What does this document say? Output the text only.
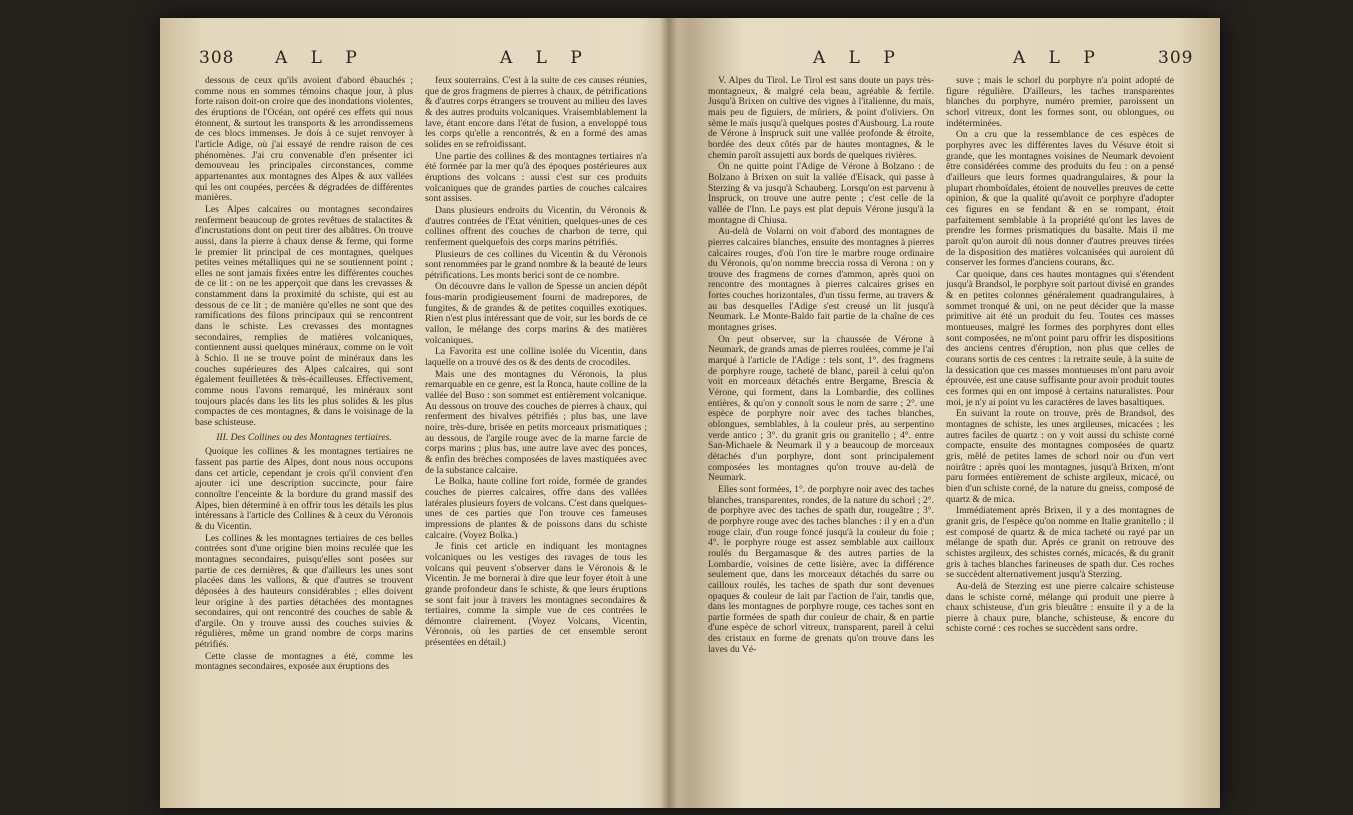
308 A L P	A L P

dessous de ceux qu'ils avoient d'abord ébauchés ; comme nous en sommes témoins chaque jour, à plus forte raison doit-on croire que des inondations violentes, des éruptions de l'Océan, ont opéré ces effets qui nous étonnent, & surtout les transports & les arrondissemens de ces blocs immenses. Je dois à ce sujet renvoyer à l'article Adige, où j'ai essayé de rendre raison de ces phénomènes. J'ai cru convenable d'en présenter ici demouveau les principales circonstances, comme appartenantes aux montagnes des Alpes & aux vallées qui les ont coupées, percées & dégradées de différentes manières.

Les Alpes calcaires ou montagnes secondaires renferment beaucoup de grotes revêtues de stalactites & d'incrustations dont on peut tirer des albâtres. On trouve aussi, dans la pierre à chaux dense & ferme, qui forme le premier lit principal de ces montagnes, quelques petites veines métalliques qui ne se soutiennent point ; elles ne sont jamais fixées entre les différentes couches de ce lit : on ne les apperçoit que dans les crevasses & constamment dans la proximité du schiste, qui est au dessous de ce lit ; de manière qu'elles ne sont que des ramifications des filons principaux qui se rencontrent dans le schiste. Les crevasses des montagnes secondaires, remplies de matières volcaniques, contiennent aussi quelques minéraux, comme on le voit à Schio. Il ne se trouve point de minéraux dans les couches supérieures des Alpes calcaires, qui sont également feuilletées & très-écailleuses. Effectivement, comme nous l'avons remarqué, les minéraux sont toujours placés dans les lits les plus solides & les plus compactes de ces montagnes, & dans le voisinage de la base schisteuse.

III. Des Collines ou des Montagnes tertiaires.

Quoique les collines & les montagnes tertiaires ne fassent pas partie des Alpes, dont nous nous occupons dans cet article, cependant je crois qu'il convient d'en ajouter ici une description succincte, pour faire connoître l'enceinte & la bordure du grand massif des Alpes, bien déterminé à en offrir tous les détails les plus intéressans à l'article des Collines & à ceux du Véronois & du Vicentin.

Les collines & les montagnes tertiaires de ces belles contrées sont d'une origine bien moins reculée que les montagnes secondaires, puisqu'elles sont posées sur partie de ces dernières, & que d'ailleurs les unes sont placées dans les vallons, & que d'autres se trouvent déposées à des hauteurs considérables ; elles doivent leur origine à des parties détachées des montagnes secondaires, qui ont rencontré des couches de sable & d'argile. On y trouve aussi des couches suivies & régulières, même un grand nombre de corps marins pétrifiés.

Cette classe de montagnes a été, comme les montagnes secondaires, exposée aux éruptions des

feux souterrains. C'est à la suite de ces causes réunies, que de gros fragmens de pierres à chaux, de pétrifications & d'autres corps étrangers se trouvent au milieu des laves & des autres produits volcaniques. Vraisemblablement la lave, étant encore dans l'état de fusion, a enveloppé tous les corps qu'elle a rencontrés, & en a formé des amas solides en se refroidissant.

Une partie des collines & des montagnes tertiaires n'a été formée par la mer qu'à des époques postérieures aux éruptions des volcans : aussi c'est sur ces produits volcaniques que de grandes parties de couches calcaires sont assises.

Dans plusieurs endroits du Vicentin, du Véronois & d'autres contrées de l'Etat vénitien, quelques-unes de ces collines offrent des couches de charbon de terre, qui renferment quelquefois des corps marins pétrifiés.

Plusieurs de ces collines du Vicentin & du Véronois sont renommées par le grand nombre & la beauté de leurs pétrifications. Les monts berici sont de ce nombre.

On découvre dans le vallon de Spesse un ancien dépôt fous-marin prodigieusement fourni de madrepores, de fungites, & de grandes & de petites coquilles exotiques. Rien n'est plus intéressant que de voir, sur les bords de ce vallon, le mélange des corps marins & des matières volcaniques.

La Favorita est une colline isolée du Vicentin, dans laquelle on a trouvé des os & des dents de crocodiles.

Mais une des montagnes du Véronois, la plus remarquable en ce genre, est la Ronca, haute colline de la vallée del Buso : son sommet est entièrement volcanique. Au dessous on trouve des couches de pierres à chaux, qui renferment des bivalves pétrifiés ; plus bas, une lave noire, très-dure, brisée en petits morceaux prismatiques ; au dessous, de l'argile rouge avec de la marne farcie de corps marins ; plus bas, une autre lave avec des ponces, & enfin des brèches composées de laves mastiquées avec de la substance calcaire.

Le Bolka, haute colline fort roide, formée de grandes couches de pierres calcaires, offre dans des vallées latérales plusieurs foyers de volcans. C'est dans quelques-unes de ces parties que l'on trouve ces fameuses impressions de plantes & de poissons dans du schiste calcaire. (Voyez Bolka.)

Je finis cet article en indiquant les montagnes volcaniques ou les vestiges des ravages de tous les volcans qui peuvent s'observer dans le Véronois & le Vicentin. Je me bornerai à dire que leur foyer étoit à une grande profondeur dans le schiste, & que leurs éruptions se sont fait jour à travers les montagnes secondaires & tertiaires, comme la simple vue de ces contrées le démontre clairement. (Voyez Volcans, Vicentin, Véronois, où les parties de cet ensemble seront présentées en détail.)

A L P	A L P	309

V. Alpes du Tirol. Le Tirol est sans doute un pays très-montagneux, & malgré cela beau, agréable & fertile. Jusqu'à Brixen on cultive des vignes à l'italienne, du maïs, mais peu de figuiers, de mûriers, & point d'oliviers. On sème le maïs jusqu'à quelques postes d'Ausbourg. La route de Vérone à Inspruck suit une vallée profonde & étroite, bordée des deux côtés par de hautes montagnes, & le chemin paroît assujetti aux bords de quelques rivières.

On ne quitte point l'Adige de Vérone à Bolzano : de Bolzano à Brixen on suit la vallée d'Eisack, qui passe à Sterzing & va jusqu'à Schauberg. Lorsqu'on est parvenu à Inspruck, on trouve une autre pente ; c'est celle de la vallée de l'Inn. Le pays est plat depuis Vérone jusqu'à la montagne di Chiusa.

Au-delà de Volarni on voit d'abord des montagnes de pierres calcaires blanches, ensuite des montagnes à pierres calcaires rouges, d'où l'on tire le marbre rouge ordinaire du Véronois, qu'on nomme breccia rossa di Verona : on y trouve des fragmens de cornes d'ammon, après quoi on rencontre des montagnes à pierres calcaires grises en fortes couches horizontales, d'un tissu ferme, au travers & au bas desquelles l'Adige s'est creusé un lit jusqu'à Neumark. Le Monte-Baldo fait partie de la chaîne de ces montagnes grises.

On peut observer, sur la chaussée de Vérone à Neumark, de grands amas de pierres roulées, comme je l'ai marqué à l'article de l'Adige : tels sont, 1°. des fragmens de porphyre rouge, tacheté de blanc, pareil à celui qu'on voit en morceaux détachés entre Bergame, Brescia & Vérone, qui forment, dans la Lombardie, des collines entières, & qu'on y connoît sous le nom de sarre ; 2°. une espèce de porphyre noir avec des taches blanches, oblongues, semblables, à la couleur près, au serpentino verde antico ; 3°. du granit gris ou granitello ; 4°. entre San-Michaele & Neumark il y a beaucoup de morceaux détachés d'un porphyre, dont sont principalement composées les montagnes qu'on trouve au-delà de Neumark.

Elles sont formées, 1°. de porphyre noir avec des taches blanches, transparentes, rondes, de la nature du schorl ; 2°. de porphyre avec des taches de spath dur, rougeâtre ; 3°. de porphyre rouge avec des taches blanches : il y en a d'un rouge clair, d'un rouge foncé jusqu'à la couleur du foie ; 4°. le porphyre rouge est assez semblable aux cailloux roulés du Bergamasque & des autres parties de la Lombardie, voisines de cette lisière, avec la différence seulement que, dans les morceaux détachés du sarre ou cailloux roulés, les taches de spath dur sont devenues opaques & couleur de lait par l'action de l'air, tandis que, dans les montagnes de porphyre rouge, ces taches sont en partie formées de spath dur couleur de chair, & en partie d'une espèce de schorl vitreux, transparent, pareil à celui des cristaux en forme de grenats qu'on trouve dans les laves du Vé-

suve ; mais le schorl du porphyre n'a point adopté de figure régulière. D'ailleurs, les taches transparentes blanches du porphyre, numéro premier, paroissent un schorl vitreux, dont les formes sont, ou oblongues, ou indéterminées.

On a cru que la ressemblance de ces espèces de porphyres avec les différentes laves du Vésuve étoit si grande, que les montagnes voisines de Neumark devoient être considérées comme des produits du feu : on a pensé d'ailleurs que leurs formes quadrangulaires, & pour la plupart rhomboïdales, étoient de nouvelles preuves de cette opinion, & que la qualité qu'avoit ce porphyre d'adopter ces figures en se fendant & en se rompant, étoit parfaitement semblable à la propriété qu'ont les laves de prendre les formes prismatiques du basalte. Mais il me paroît qu'on auroit dû nous donner d'autres preuves tirées de la disposition des matières volcanisées qui auroient dû conserver les formes d'anciens courans, &c.

Car quoique, dans ces hautes montagnes qui s'étendent jusqu'à Brandsol, le porphyre soit partout divisé en grandes & en petites colonnes généralement quadrangulaires, à sommet tronqué & uni, on ne peut décider que la masse primitive ait été un produit du feu. Toutes ces masses montueuses, malgré les formes des porphyres dont elles sont composées, ne m'ont point paru offrir les dispositions des anciens centres d'éruption, non plus que celles de courans sortis de ces centres : la retraite seule, à la suite de la dessication que ces masses montueuses m'ont paru avoir éprouvée, est une cause suffisante pour avoir produit toutes ces formes qui en ont imposé à certains naturalistes. Pour moi, je n'y ai point vu les caractères de laves basaltiques.

En suivant la route on trouve, près de Brandsol, des montagnes de schiste, les unes argileuses, micacées ; les autres faciles de quartz : on y voit aussi du schiste corné compacte, ensuite des montagnes composées de quartz gris, mêlé de petites lames de schorl noir ou d'un vert noirâtre : après quoi les montagnes, jusqu'à Brixen, m'ont paru formées entièrement de schiste argileux, micacé, ou bien d'un schiste corné, de la nature du gneiss, composé de quartz & de mica.

Immédiatement après Brixen, il y a des montagnes de granit gris, de l'espèce qu'on nomme en Italie granitello ; il est composé de quartz & de mica tacheté ou rayé par un mélange de spath dur. Après ce granit on retrouve des schistes argileux, des schistes cornés, micacés, & du granit gris à taches blanches farineuses de spath dur. Ces roches se succèdent alternativement jusqu'à Sterzing.

Au-delà de Sterzing est une pierre calcaire schisteuse dans le schiste corné, mélange qui produit une pierre à chaux schisteuse, d'un gris bleuâtre : ensuite il y a de la pierre à chaux pure, blanche, schisteuse, & encore du schiste corné : ces roches se succèdent sans ordre.
